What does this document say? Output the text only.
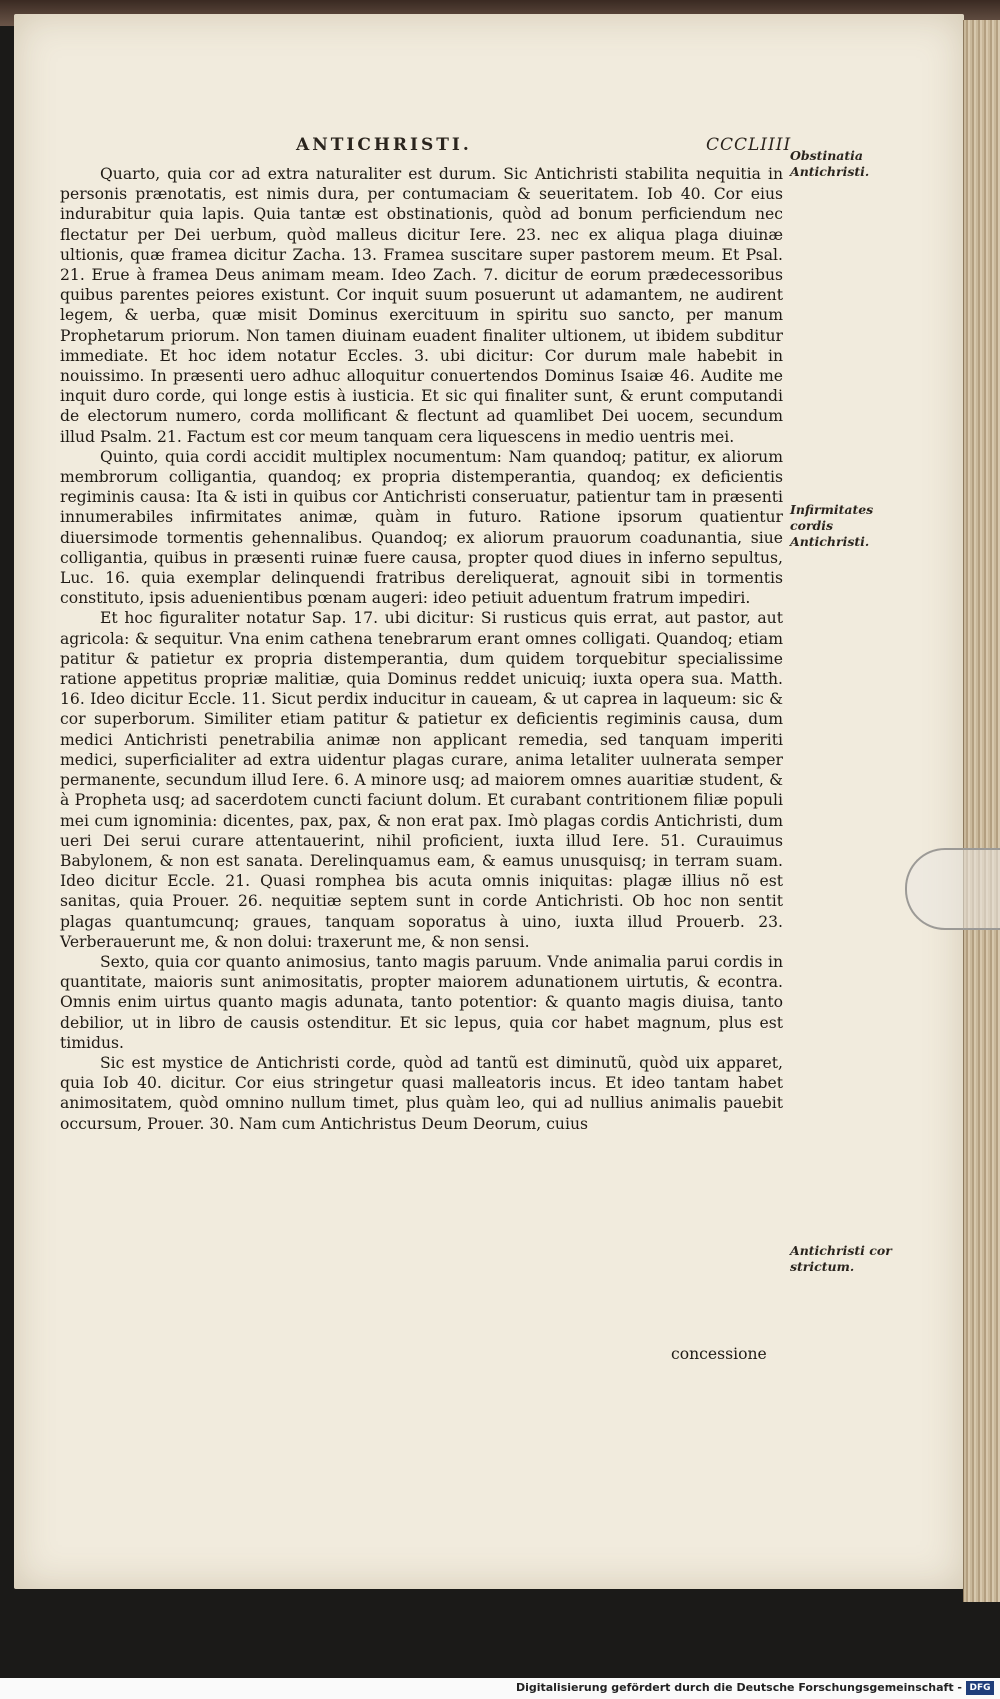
ANTICHRISTI.	CCCLIIII

Quarto, quia cor ad extra naturaliter est durum. Sic Antichristi stabilita nequitia in personis prænotatis, est nimis dura, per contumaciam & seueritatem. Iob 40. Cor eius indurabitur quia lapis. Quia tantæ est obstinationis, quòd ad bonum perficiendum nec flectatur per Dei uerbum, quòd malleus dicitur Iere. 23. nec ex aliqua plaga diuinæ ultionis, quæ framea dicitur Zacha. 13. Framea suscitare super pastorem meum. Et Psal. 21. Erue à framea Deus animam meam. Ideo Zach. 7. dicitur de eorum prædecessoribus quibus parentes peiores existunt. Cor inquit suum posuerunt ut adamantem, ne audirent legem, & uerba, quæ misit Dominus exercituum in spiritu suo sancto, per manum Prophetarum priorum. Non tamen diuinam euadent finaliter ultionem, ut ibidem subditur immediate. Et hoc idem notatur Eccles. 3. ubi dicitur: Cor durum male habebit in nouissimo. In præsenti uero adhuc alloquitur conuertendos Dominus Isaiæ 46. Audite me inquit duro corde, qui longe estis à iusticia. Et sic qui finaliter sunt, & erunt computandi de electorum numero, corda mollificant & flectunt ad quamlibet Dei uocem, secundum illud Psalm. 21. Factum est cor meum tanquam cera liquescens in medio uentris mei.

Quinto, quia cordi accidit multiplex nocumentum: Nam quandoq; patitur, ex aliorum membrorum colligantia, quandoq; ex propria distemperantia, quandoq; ex deficientis regiminis causa: Ita & isti in quibus cor Antichristi conseruatur, patientur tam in præsenti innumerabiles infirmitates animæ, quàm in futuro. Ratione ipsorum quatientur diuersimode tormentis gehennalibus. Quandoq; ex aliorum prauorum coadunantia, siue colligantia, quibus in præsenti ruinæ fuere causa, propter quod diues in inferno sepultus, Luc. 16. quia exemplar delinquendi fratribus dereliquerat, agnouit sibi in tormentis constituto, ipsis aduenientibus pœnam augeri: ideo petiuit aduentum fratrum impediri.

Et hoc figuraliter notatur Sap. 17. ubi dicitur: Si rusticus quis errat, aut pastor, aut agricola: & sequitur. Vna enim cathena tenebrarum erant omnes colligati. Quandoq; etiam patitur & patietur ex propria distemperantia, dum quidem torquebitur specialissime ratione appetitus propriæ malitiæ, quia Dominus reddet unicuiq; iuxta opera sua. Matth. 16. Ideo dicitur Eccle. 11. Sicut perdix inducitur in caueam, & ut caprea in laqueum: sic & cor superborum. Similiter etiam patitur & patietur ex deficientis regiminis causa, dum medici Antichristi penetrabilia animæ non applicant remedia, sed tanquam imperiti medici, superficialiter ad extra uidentur plagas curare, anima letaliter uulnerata semper permanente, secundum illud Iere. 6. A minore usq; ad maiorem omnes auaritiæ student, & à Propheta usq; ad sacerdotem cuncti faciunt dolum. Et curabant contritionem filiæ populi mei cum ignominia: dicentes, pax, pax, & non erat pax. Imò plagas cordis Antichristi, dum ueri Dei serui curare attentauerint, nihil proficient, iuxta illud Iere. 51. Curauimus Babylonem, & non est sanata. Derelinquamus eam, & eamus unusquisq; in terram suam. Ideo dicitur Eccle. 21. Quasi romphea bis acuta omnis iniquitas: plagæ illius nõ est sanitas, quia Prouer. 26. nequitiæ septem sunt in corde Antichristi. Ob hoc non sentit plagas quantumcunq; graues, tanquam soporatus à uino, iuxta illud Prouerb. 23. Verberauerunt me, & non dolui: traxerunt me, & non sensi.

Sexto, quia cor quanto animosius, tanto magis paruum. Vnde animalia parui cordis in quantitate, maioris sunt animositatis, propter maiorem adunationem uirtutis, & econtra. Omnis enim uirtus quanto magis adunata, tanto potentior: & quanto magis diuisa, tanto debilior, ut in libro de causis ostenditur. Et sic lepus, quia cor habet magnum, plus est timidus.

Sic est mystice de Antichristi corde, quòd ad tantũ est diminutũ, quòd uix apparet, quia Iob 40. dicitur. Cor eius stringetur quasi malleatoris incus. Et ideo tantam habet animositatem, quòd omnino nullum timet, plus quàm leo, qui ad nullius animalis pauebit occursum, Prouer. 30. Nam cum Antichristus Deum Deorum, cuius

concessione
Obstinatia Antichristi.
Infirmitates cordis Antichristi.
Antichristi cor strictum.
Digitalisierung gefördert durch die Deutsche Forschungsgemeinschaft - DFG
